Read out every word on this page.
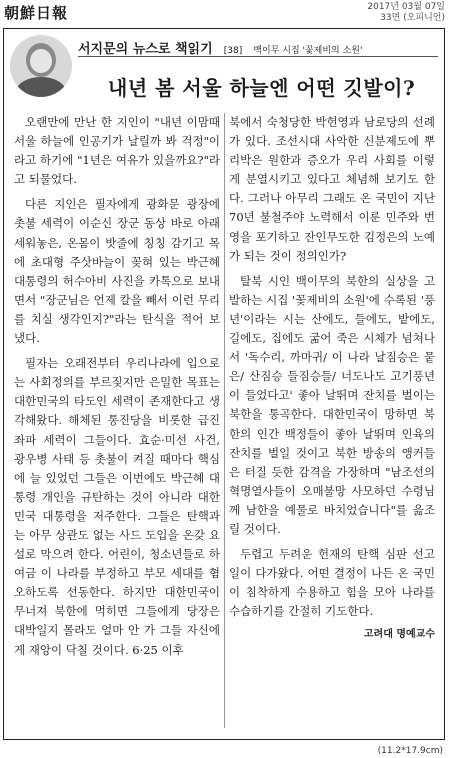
朝鮮日報	2017년 03월 07일
33면 (오피니언)
서지문의 뉴스로 책읽기 [38] 백이무 시집 '꽃제비의 소원'
내년 봄 서울 하늘엔 어떤 깃발이?

오랜만에 만난 한 지인이 "내년 이맘때 서울 하늘에 인공기가 날릴까 봐 걱정"이라고 하기에 "1년은 여유가 있을까요?"라고 되물었다.

다른 지인은 필자에게 광화문 광장에 촛불 세력이 이순신 장군 동상 바로 아래 세워놓은, 온몸이 밧줄에 칭칭 감기고 목에 초대형 주삿바늘이 꽂혀 있는 박근혜 대통령의 허수아비 사진을 카톡으로 보내면서 "장군님은 언제 칼을 빼서 이런 무리를 치실 생각인지?"라는 탄식을 적어 보냈다.

필자는 오래전부터 우리나라에 입으로는 사회정의를 부르짖지만 은밀한 목표는 대한민국의 타도인 세력이 존재한다고 생각해왔다. 해체된 통진당을 비롯한 급진 좌파 세력이 그들이다. 효순·미선 사건, 광우병 사태 등 촛불이 켜질 때마다 핵심에 늘 있었던 그들은 이번에도 박근혜 대통령 개인을 규탄하는 것이 아니라 대한민국 대통령을 저주한다. 그들은 탄핵과는 아무 상관도 없는 사드 도입을 온갖 요설로 막으려 한다. 어린이, 청소년들로 하여금 이 나라를 부정하고 부모 세대를 혐오하도록 선동한다. 하지만 대한민국이 무너져 북한에 먹히면 그들에게 당장은 대박일지 몰라도 얼마 안 가 그들 자신에게 재앙이 닥칠 것이다. 6·25 이후

북에서 숙청당한 박헌영과 남로당의 선례가 있다. 조선시대 사악한 신분제도에 뿌리박은 원한과 증오가 우리 사회를 이렇게 분열시키고 있다고 체념해 보기도 한다. 그러나 아무리 그래도 온 국민이 지난 70년 불철주야 노력해서 이룬 민주와 번영을 포기하고 잔인무도한 김정은의 노예가 되는 것이 정의인가?

탈북 시인 백이무의 북한의 실상을 고발하는 시집 '꽃제비의 소원'에 수록된 '풍년'이라는 시는 산에도, 들에도, 밭에도, 길에도, 집에도 굶어 죽은 시체가 넘쳐나서 '독수리, 까마귀/ 이 나라 날짐승은 뭍은/ 산짐승 들짐승들/ 너도나도 고기풍년이 들었다고' 좋아 날뛰며 잔치를 벌이는 북한을 통곡한다. 대한민국이 망하면 북한의 인간 백정들이 좋아 날뛰며 인육의 잔치를 벌일 것이고 북한 방송의 앵커들은 터질 듯한 감격을 가장하며 "남조선의 혁명열사들이 오매불망 사모하던 수령님께 남한을 예물로 바치었습니다"를 읊조릴 것이다.

두렵고 두려운 헌재의 탄핵 심판 선고일이 다가왔다. 어떤 결정이 나든 온 국민이 침착하게 수용하고 힘을 모아 나라를 수습하기를 간절히 기도한다.

고려대 명예교수
(11.2*17.9cm)
